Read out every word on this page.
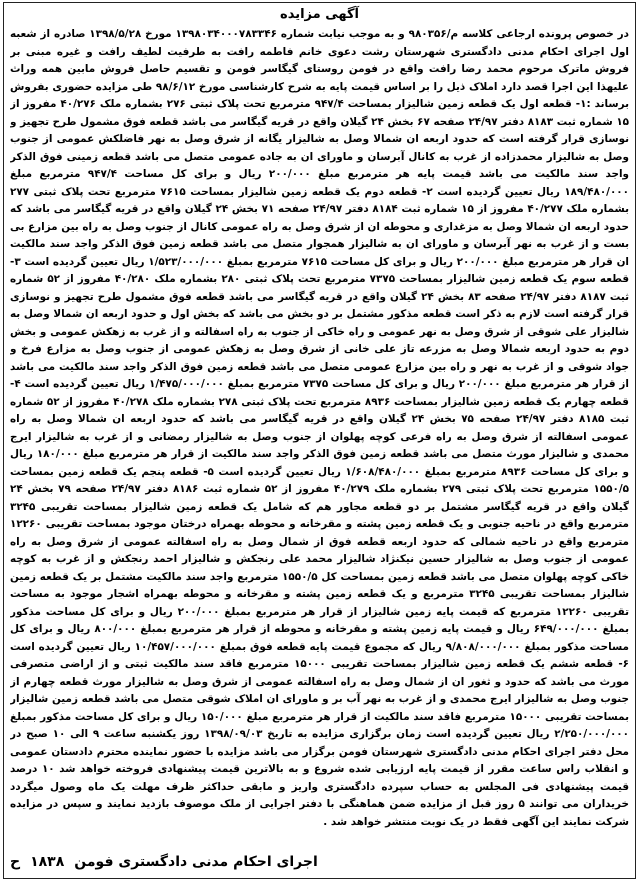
آگهی مزایده
در خصوص پرونده ارجاعی کلاسه م/۹۸۰۳۵۶ و به موجب نیابت شماره ۱۳۹۸۰۳۴۰۰۰۷۸۳۳۴۶ مورخ ۱۳۹۸/۵/۲۸ صادره از شعبه اول اجرای احکام مدنی دادگستری شهرستان رشت دعوی خانم فاطمه رافت به طرفیت لطیف رافت و غیره مبنی بر فروش ماترک مرحوم محمد رضا رافت واقع در فومن روستای گیگاسر فومن و تقسیم حاصل فروش مابین همه وراث علیهذا این اجرا قصد دارد املاک ذیل را بر اساس قیمت پایه به شرح کارشناسی مورخ ۹۸/۶/۱۲ طی مزایده حضوری بفروش برساند :۱- قطعه اول یک قطعه زمین شالیزار بمساحت ۹۴۷/۴ مترمربع تحت پلاک ثبتی ۲۷۶ بشماره ملک ۴۰/۲۷۶ مفروز از ۱۵ شماره ثبت ۸۱۸۳ دفتر ۲۴/۹۷ صفحه ۶۷ بخش ۲۴ گیلان واقع در قریه گیگاسر می باشد قطعه فوق مشمول طرح تجهیز و نوسازی قرار گرفته است که حدود اربعه ان شمالا وصل به شالیزار یگانه از شرق وصل به نهر فاضلکش عمومی از جنوب وصل به شالیزار محمدزاده از غرب به کانال آبرسان و ماورای ان به جاده عمومی متصل می باشد قطعه زمینی فوق الذکر واجد سند مالکیت می باشد قیمت پایه هر مترمربع مبلغ ۲۰۰/۰۰۰ ریال و برای کل مساحت ۹۴۷/۴ مترمربع مبلغ ۱۸۹/۴۸۰/۰۰۰ ریال تعیین گردیده است ۲- قطعه دوم یک قطعه زمین شالیزار بمساحت ۷۶۱۵ مترمربع تحت پلاک ثبتی ۲۷۷ بشماره ملک ۴۰/۲۷۷ مفروز از ۱۵ شماره ثبت ۸۱۸۴ دفتر ۲۴/۹۷ صفحه ۷۱ بخش ۲۴ گیلان واقع در قریه گیگاسر می باشد که حدود اربعه ان شمالا وصل به مزغداری و محوطه ان از شرق وصل به راه عمومی کانال از جنوب وصل به راه بین مزارع بی بست و از غرب به نهر آبرسان و ماورای ان به شالیزار همجوار متصل می باشد قطعه زمین فوق الذکر واجد سند مالکیت ان قرار هر مترمربع مبلغ ۲۰۰/۰۰۰ ریال و برای کل مساحت ۷۶۱۵ مترمربع بمبلغ ۱/۵۲۳/۰۰۰/۰۰۰ ریال تعیین گردیده است ۳- قطعه سوم یک قطعه زمین شالیزار بمساحت ۷۳۷۵ مترمربع تحت پلاک ثبتی ۲۸۰ بشماره ملک ۴۰/۲۸۰ مفروز از ۵۲ شماره ثبت ۸۱۸۷ دفتر ۲۴/۹۷ صفحه ۸۳ بخش ۲۴ گیلان واقع در قریه گیگاسر می باشد قطعه فوق مشمول طرح تجهیز و نوسازی قرار گرفته است لازم به ذکر است قطعه مذکور مشتمل بر دو بخش می باشد که بخش اول و حدود اربعه ان شمالا وصل به شالیزار علی شوقی از شرق وصل به نهر عمومی و راه خاکی از جنوب به راه اسفالته و از غرب به زهکش عمومی و بخش دوم به حدود اربعه شمالا وصل به مزرعه تاز علی خانی از شرق وصل به زهکش عمومی از جنوب وصل به مزارع فرخ و جواد شوقی و از غرب به نهر و راه بین مزارع عمومی متصل می باشد قطعه زمین فوق الذکر واجد سند مالکیت می باشد از قرار هر مترمربع مبلغ ۲۰۰/۰۰۰ ریال و برای کل مساحت ۷۳۷۵ مترمربع بمبلغ ۱/۴۷۵/۰۰۰/۰۰۰ ریال تعیین گردیده است ۴- قطعه چهارم یک قطعه زمین شالیزار بمساحت ۸۹۳۶ مترمربع تحت پلاک ثبتی ۲۷۸ بشماره ملک ۴۰/۲۷۸ مفروز از ۵۲ شماره ثبت ۸۱۸۵ دفتر ۲۴/۹۷ صفحه ۷۵ بخش ۲۴ گیلان واقع در قریه گیگاسر می باشد که حدود اربعه ان شمالا وصل به راه عمومی اسفالته از شرق وصل به راه فرعی کوچه پهلوان از جنوب وصل به شالیزار رمضانی و از غرب به شالیزار ایرج محمدی و شالیزار مورث متصل می باشد قطعه زمین فوق الذکر واجد سند مالکیت از قرار هر مترمربع مبلغ ۱۸۰/۰۰۰ ریال و برای کل مساحت ۸۹۳۶ مترمربع بمبلغ ۱/۶۰۸/۴۸۰/۰۰۰ ریال تعیین گردیده است ۵- قطعه پنجم یک قطعه زمین بمساحت ۱۵۵۰/۵ مترمربع تحت پلاک ثبتی ۲۷۹ بشماره ملک ۴۰/۲۷۹ مفروز از ۵۲ شماره ثبت ۸۱۸۶ دفتر ۲۴/۹۷ صفحه ۷۹ بخش ۲۴ گیلان واقع در قریه گیگاسر مشتمل بر دو قطعه مجاور هم که شامل یک قطعه زمین شالیزار بمساحت تقریبی ۳۲۴۵ مترمربع واقع در ناحیه جنوبی و یک قطعه زمین پشته و مقرخانه و محوطه بهمراه درختان موجود بمساحت تقریبی ۱۲۲۶۰ مترمربع واقع در ناحیه شمالی که حدود اربعه قطعه فوق از شمال وصل به راه اسفالته عمومی از شرق وصل به راه عمومی از جنوب وصل به شالیزار حسین نیکنژاد شالیزار محمد علی رنجکش و شالیزار احمد رنجکش و از غرب به کوچه خاکی کوچه پهلوان متصل می باشد قطعه زمین بمساحت کل ۱۵۵۰/۵ مترمربع واجد سند مالکیت مشتمل بر یک قطعه زمین شالیزار بمساحت تقریبی ۳۲۴۵ مترمربع و یک قطعه زمین پشته و مقرخانه و محوطه بهمراه اشجار موجود به مساحت تقریبی ۱۲۲۶۰ مترمربع که قیمت پایه زمین شالیزار از قرار هر مترمربع بمبلغ ۲۰۰/۰۰۰ ریال و برای کل مساحت مذکور بمبلغ ۶۴۹/۰۰۰/۰۰۰ ریال و قیمت پایه زمین پشته و مقرخانه و محوطه از قرار هر مترمربع بمبلغ ۸۰۰/۰۰۰ ریال و برای کل مساحت مذکور بمبلغ ۹/۸۰۸/۰۰۰/۰۰۰ ریال که مجموع قیمت پایه قطعه فوق بمبلغ ۱۰/۴۵۷/۰۰۰/۰۰۰ ریال تعیین گردیده است ۶- قطعه ششم یک قطعه زمین شالیزار بمساحت تقریبی ۱۵۰۰۰ مترمربع فاقد سند مالکیت ثبتی و از اراضی متصرفی مورث می باشد که حدود و ثغور ان از شمال وصل به راه اسفالته عمومی از شرق وصل به شالیزار مورث قطعه چهارم از جنوب وصل به شالیزار ایرج محمدی و از غرب به نهر آب بر و ماورای ان املاک شوقی متصل می باشد قطعه زمین شالیزار بمساحت تقریبی ۱۵۰۰۰ مترمربع فاقد سند مالکیت از قرار هر مترمربع مبلغ ۱۵۰/۰۰۰ ریال و برای کل مساحت مذکور بمبلغ ۲/۲۵۰/۰۰۰/۰۰۰ ریال تعیین گردیده است زمان برگزاری مزایده به تاریخ ۱۳۹۸/۰۹/۰۳ روز یکشنبه ساعت ۹ الی ۱۰ صبح در محل دفتر اجرای احکام مدنی دادگستری شهرستان فومن برگزار می باشد مزایده با حضور نماینده محترم دادستان عمومی و انقلاب راس ساعت مقرر از قیمت پایه ارزیابی شده شروع و به بالاترین قیمت پیشنهادی فروخته خواهد شد ۱۰ درصد قیمت پیشنهادی فی المجلس به حساب سپرده دادگستری واریز و مابقی حداکثر ظرف مهلت یک ماه وصول میگردد خریداران می توانند ۵ روز قبل از مزایده ضمن هماهنگی با دفتر اجرایی از ملک موصوف بازدید نمایند و سپس در مزایده شرکت نمایند این آگهی فقط در یک نوبت منتشر خواهد شد .
اجرای احکام مدنی دادگستری فومن
۱۸۳۸
ح
